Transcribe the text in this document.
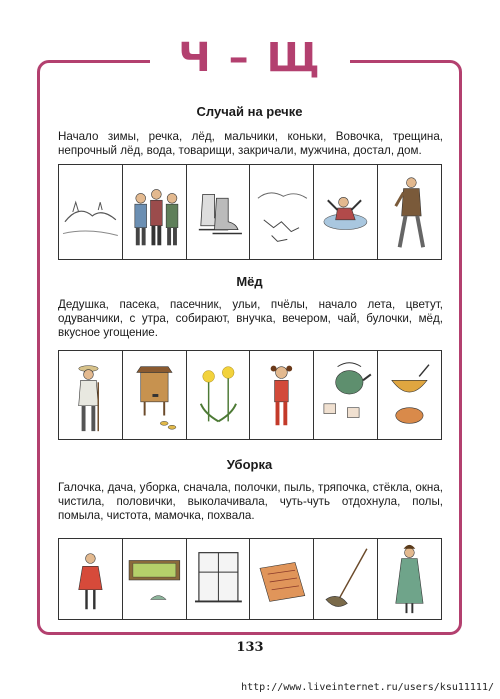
Ч – Щ
Случай на речке
Начало зимы, речка, лёд, мальчики, коньки, Вовочка, трещина, непрочный лёд, вода, товарищи, закричали, мужчина, достал, дом.
Мёд
Дедушка, пасека, пасечник, ульи, пчёлы, начало лета, цветут, одуванчики, с утра, собирают, внучка, вечером, чай, булочки, мёд, вкусное угощение.
Уборка
Галочка, дача, уборка, сначала, полочки, пыль, тряпочка, стёкла, окна, чистила, половички, выколачивала, чуть-чуть отдохнула, полы, помыла, чистота, мамочка, похвала.
133
http://www.liveinternet.ru/users/ksu11111/
